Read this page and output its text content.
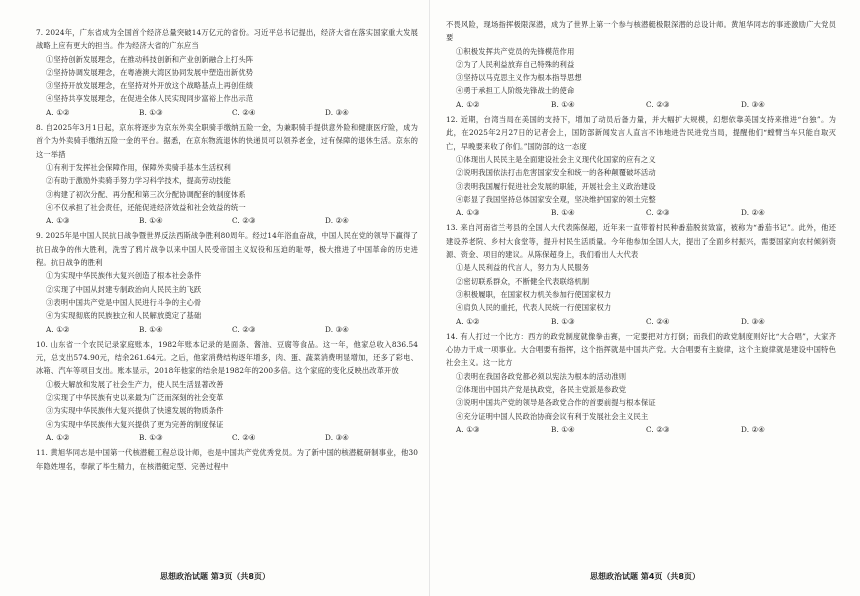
7. 2024年，广东省成为全国首个经济总量突破14万亿元的省份。习近平总书记提出，经济大省在落实国家重大发展战略上应有更大的担当。作为经济大省的广东应当

①坚持创新发展理念，在推动科技创新和产业创新融合上打头阵

②坚持协调发展理念，在粤港澳大湾区协同发展中塑造出新优势

③坚持开放发展理念，在坚持对外开放这个战略基点上再创佳绩

④坚持共享发展理念，在促进全体人民实现同步富裕上作出示范

A. ①②	B. ①③	C. ②④	D. ③④

8. 自2025年3月1日起，京东将逐步为京东外卖全职骑手缴纳五险一金，为兼职骑手提供意外险和健康医疗险，成为首个为外卖骑手缴纳五险一金的平台。据悉，在京东物流退休的快递员可以领养老金，过有保障的退休生活。京东的这一举措

①有利于发挥社会保障作用，保障外卖骑手基本生活权利

②有助于激励外卖骑手努力学习科学技术，提高劳动技能

③构建了初次分配、再分配和第三次分配协调配套的制度体系

④不仅承担了社会责任，还能促进经济效益和社会效益的统一

A. ①③	B. ①④	C. ②③	D. ②④

9. 2025年是中国人民抗日战争暨世界反法西斯战争胜利80周年。经过14年浴血奋战，中国人民在党的领导下赢得了抗日战争的伟大胜利，洗雪了鸦片战争以来中国人民受帝国主义奴役和压迫的耻辱，极大推进了中国革命的历史进程。抗日战争的胜利

①为实现中华民族伟大复兴创造了根本社会条件

②实现了中国从封建专制政治向人民民主的飞跃

③表明中国共产党是中国人民进行斗争的主心骨

④为实现彻底的民族独立和人民解放奠定了基础

A. ①②	B. ①④	C. ②③	D. ③④

10. 山东省一个农民记录家庭账本，1982年账本记录的是面条、酱油、豆腐等食品。这一年，他家总收入836.54元，总支出574.90元，结余261.64元。之后，他家消费结构逐年增多，肉、蛋、蔬菜消费明显增加，还多了彩电、冰箱、汽车等项目支出。账本显示，2018年他家的结余是1982年的200多倍。这个家庭的变化反映出改革开放

①极大解放和发展了社会生产力，使人民生活显著改善

②实现了中华民族有史以来最为广泛而深刻的社会变革

③为实现中华民族伟大复兴提供了快速发展的物质条件

④为实现中华民族伟大复兴提供了更为完善的制度保证

A. ①②	B. ①③	C. ②④	D. ③④

11. 黄旭华同志是中国第一代核潜艇工程总设计师，也是中国共产党优秀党员。为了新中国的核潜艇研制事业，他30年隐姓埋名，奉献了毕生精力，在核潜艇定型、完善过程中

思想政治试题 第3页（共8页）

不畏风险，现场指挥极限深潜，成为了世界上第一个参与核潜艇极限深潜的总设计师。黄旭华同志的事迹激励广大党员要

①积极发挥共产党员的先锋模范作用

②为了人民利益放弃自己特殊的利益

③坚持以马克思主义作为根本指导思想

④勇于承担工人阶级先锋战士的使命

A. ①②	B. ①④	C. ②③	D. ③④

12. 近期，台湾当局在美国的支持下，增加了动员后备力量，并大幅扩大规模，幻想依靠美国支持来推进“台独”。为此，在2025年2月27日的记者会上，国防部新闻发言人直言不讳地进告民进党当局，提醒他们“螳臂当车只能自取灭亡，早晚要来收了你们。”国防部的这一态度

①体现出人民民主是全面建设社会主义现代化国家的应有之义

②说明我国依法打击危害国家安全和统一的各种颠覆破坏活动

③表明我国履行促进社会发展的职能，开展社会主义政治建设

④彰显了我国坚持总体国家安全观，坚决维护国家的领土完整

A. ①③	B. ①④	C. ②③	D. ②④

13. 来自河南省兰考县的全国人大代表陈保超，近年来一直带着村民种番茄脱贫致富，被称为“番茄书记”。此外，他还建设养老院、乡村大食堂等，提升村民生活质量。今年他参加全国人大，提出了全面乡村振兴，需要国家向农村倾斜资源、资金、项目的建议。从陈保超身上，我们看出人大代表

①是人民利益的代言人，努力为人民服务

②密切联系群众，不断健全代表联络机制

③积极履职，在国家权力机关参加行使国家权力

④肩负人民的重托，代表人民统一行使国家权力

A. ①②	B. ①③	C. ②④	D. ③④

14. 有人打过一个比方：西方的政党制度就像拳击赛，一定要把对方打倒；而我们的政党制度则好比“大合唱”，大家齐心协力干成一项事业。大合唱要有指挥，这个指挥就是中国共产党。大合唱要有主旋律，这个主旋律就是建设中国特色社会主义。这一比方

①表明在我国各政党都必须以宪法为根本的活动准则

②体现出中国共产党是执政党，各民主党派是参政党

③说明中国共产党的领导是各政党合作的首要前提与根本保证

④充分证明中国人民政治协商会议有利于发展社会主义民主

A. ①③	B. ①④	C. ②③	D. ②④
思想政治试题 第4页（共8页）
